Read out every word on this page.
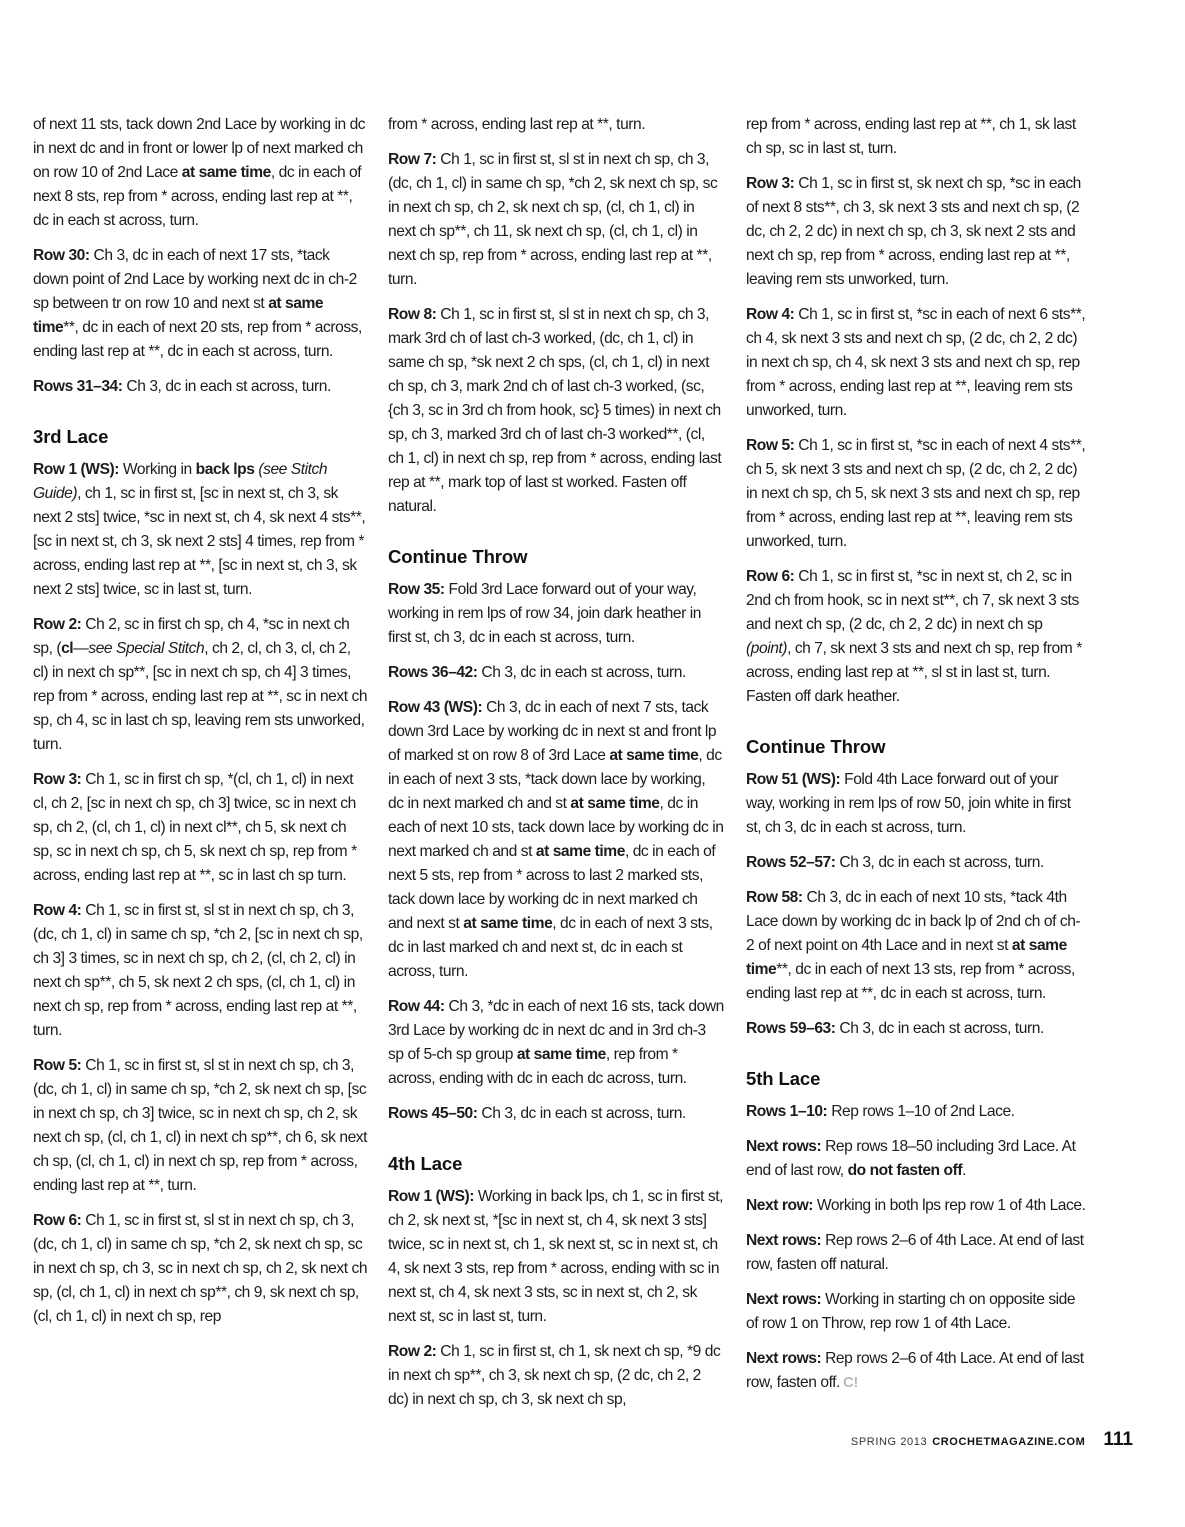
of next 11 sts, tack down 2nd Lace by working in dc in next dc and in front or lower lp of next marked ch on row 10 of 2nd Lace at same time, dc in each of next 8 sts, rep from * across, ending last rep at **, dc in each st across, turn.

Row 30: Ch 3, dc in each of next 17 sts, *tack down point of 2nd Lace by working next dc in ch-2 sp between tr on row 10 and next st at same time**, dc in each of next 20 sts, rep from * across, ending last rep at **, dc in each st across, turn.

Rows 31–34: Ch 3, dc in each st across, turn.

3rd Lace

Row 1 (WS): Working in back lps (see Stitch Guide), ch 1, sc in first st, [sc in next st, ch 3, sk next 2 sts] twice, *sc in next st, ch 4, sk next 4 sts**, [sc in next st, ch 3, sk next 2 sts] 4 times, rep from * across, ending last rep at **, [sc in next st, ch 3, sk next 2 sts] twice, sc in last st, turn.

Row 2: Ch 2, sc in first ch sp, ch 4, *sc in next ch sp, (cl—see Special Stitch, ch 2, cl, ch 3, cl, ch 2, cl) in next ch sp**, [sc in next ch sp, ch 4] 3 times, rep from * across, ending last rep at **, sc in next ch sp, ch 4, sc in last ch sp, leaving rem sts unworked, turn.

Row 3: Ch 1, sc in first ch sp, *(cl, ch 1, cl) in next cl, ch 2, [sc in next ch sp, ch 3] twice, sc in next ch sp, ch 2, (cl, ch 1, cl) in next cl**, ch 5, sk next ch sp, sc in next ch sp, ch 5, sk next ch sp, rep from * across, ending last rep at **, sc in last ch sp turn.

Row 4: Ch 1, sc in first st, sl st in next ch sp, ch 3, (dc, ch 1, cl) in same ch sp, *ch 2, [sc in next ch sp, ch 3] 3 times, sc in next ch sp, ch 2, (cl, ch 2, cl) in next ch sp**, ch 5, sk next 2 ch sps, (cl, ch 1, cl) in next ch sp, rep from * across, ending last rep at **, turn.

Row 5: Ch 1, sc in first st, sl st in next ch sp, ch 3, (dc, ch 1, cl) in same ch sp, *ch 2, sk next ch sp, [sc in next ch sp, ch 3] twice, sc in next ch sp, ch 2, sk next ch sp, (cl, ch 1, cl) in next ch sp**, ch 6, sk next ch sp, (cl, ch 1, cl) in next ch sp, rep from * across, ending last rep at **, turn.

Row 6: Ch 1, sc in first st, sl st in next ch sp, ch 3, (dc, ch 1, cl) in same ch sp, *ch 2, sk next ch sp, sc in next ch sp, ch 3, sc in next ch sp, ch 2, sk next ch sp, (cl, ch 1, cl) in next ch sp**, ch 9, sk next ch sp, (cl, ch 1, cl) in next ch sp, rep

from * across, ending last rep at **, turn.

Row 7: Ch 1, sc in first st, sl st in next ch sp, ch 3, (dc, ch 1, cl) in same ch sp, *ch 2, sk next ch sp, sc in next ch sp, ch 2, sk next ch sp, (cl, ch 1, cl) in next ch sp**, ch 11, sk next ch sp, (cl, ch 1, cl) in next ch sp, rep from * across, ending last rep at **, turn.

Row 8: Ch 1, sc in first st, sl st in next ch sp, ch 3, mark 3rd ch of last ch-3 worked, (dc, ch 1, cl) in same ch sp, *sk next 2 ch sps, (cl, ch 1, cl) in next ch sp, ch 3, mark 2nd ch of last ch-3 worked, (sc, {ch 3, sc in 3rd ch from hook, sc} 5 times) in next ch sp, ch 3, marked 3rd ch of last ch-3 worked**, (cl, ch 1, cl) in next ch sp, rep from * across, ending last rep at **, mark top of last st worked. Fasten off natural.

Continue Throw

Row 35: Fold 3rd Lace forward out of your way, working in rem lps of row 34, join dark heather in first st, ch 3, dc in each st across, turn.

Rows 36–42: Ch 3, dc in each st across, turn.

Row 43 (WS): Ch 3, dc in each of next 7 sts, tack down 3rd Lace by working dc in next st and front lp of marked st on row 8 of 3rd Lace at same time, dc in each of next 3 sts, *tack down lace by working, dc in next marked ch and st at same time, dc in each of next 10 sts, tack down lace by working dc in next marked ch and st at same time, dc in each of next 5 sts, rep from * across to last 2 marked sts, tack down lace by working dc in next marked ch and next st at same time, dc in each of next 3 sts, dc in last marked ch and next st, dc in each st across, turn.

Row 44: Ch 3, *dc in each of next 16 sts, tack down 3rd Lace by working dc in next dc and in 3rd ch-3 sp of 5-ch sp group at same time, rep from * across, ending with dc in each dc across, turn.

Rows 45–50: Ch 3, dc in each st across, turn.

4th Lace

Row 1 (WS): Working in back lps, ch 1, sc in first st, ch 2, sk next st, *[sc in next st, ch 4, sk next 3 sts] twice, sc in next st, ch 1, sk next st, sc in next st, ch 4, sk next 3 sts, rep from * across, ending with sc in next st, ch 4, sk next 3 sts, sc in next st, ch 2, sk next st, sc in last st, turn.

Row 2: Ch 1, sc in first st, ch 1, sk next ch sp, *9 dc in next ch sp**, ch 3, sk next ch sp, (2 dc, ch 2, 2 dc) in next ch sp, ch 3, sk next ch sp,

rep from * across, ending last rep at **, ch 1, sk last ch sp, sc in last st, turn.

Row 3: Ch 1, sc in first st, sk next ch sp, *sc in each of next 8 sts**, ch 3, sk next 3 sts and next ch sp, (2 dc, ch 2, 2 dc) in next ch sp, ch 3, sk next 2 sts and next ch sp, rep from * across, ending last rep at **, leaving rem sts unworked, turn.

Row 4: Ch 1, sc in first st, *sc in each of next 6 sts**, ch 4, sk next 3 sts and next ch sp, (2 dc, ch 2, 2 dc) in next ch sp, ch 4, sk next 3 sts and next ch sp, rep from * across, ending last rep at **, leaving rem sts unworked, turn.

Row 5: Ch 1, sc in first st, *sc in each of next 4 sts**, ch 5, sk next 3 sts and next ch sp, (2 dc, ch 2, 2 dc) in next ch sp, ch 5, sk next 3 sts and next ch sp, rep from * across, ending last rep at **, leaving rem sts unworked, turn.

Row 6: Ch 1, sc in first st, *sc in next st, ch 2, sc in 2nd ch from hook, sc in next st**, ch 7, sk next 3 sts and next ch sp, (2 dc, ch 2, 2 dc) in next ch sp (point), ch 7, sk next 3 sts and next ch sp, rep from * across, ending last rep at **, sl st in last st, turn. Fasten off dark heather.

Continue Throw

Row 51 (WS): Fold 4th Lace forward out of your way, working in rem lps of row 50, join white in first st, ch 3, dc in each st across, turn.

Rows 52–57: Ch 3, dc in each st across, turn.

Row 58: Ch 3, dc in each of next 10 sts, *tack 4th Lace down by working dc in back lp of 2nd ch of ch-2 of next point on 4th Lace and in next st at same time**, dc in each of next 13 sts, rep from * across, ending last rep at **, dc in each st across, turn.

Rows 59–63: Ch 3, dc in each st across, turn.

5th Lace

Rows 1–10: Rep rows 1–10 of 2nd Lace.

Next rows: Rep rows 18–50 including 3rd Lace. At end of last row, do not fasten off.

Next row: Working in both lps rep row 1 of 4th Lace.

Next rows: Rep rows 2–6 of 4th Lace. At end of last row, fasten off natural.

Next rows: Working in starting ch on opposite side of row 1 on Throw, rep row 1 of 4th Lace.

Next rows: Rep rows 2–6 of 4th Lace. At end of last row, fasten off. C!

SPRING 2013 CROCHETMAGAZINE.COM 111
